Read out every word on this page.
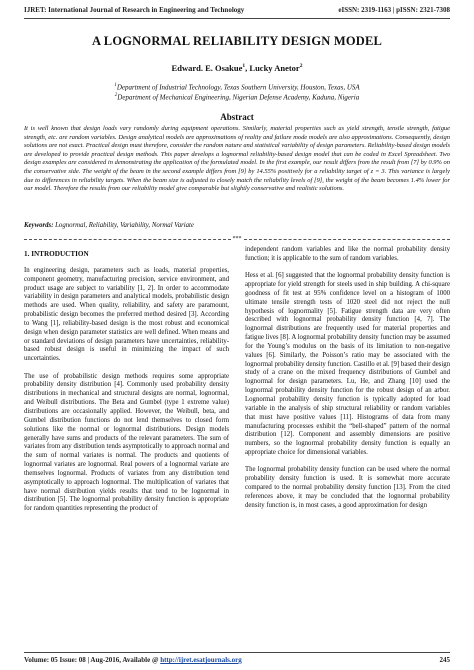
IJRET: International Journal of Research in Engineering and Technology	eISSN: 2319-1163 | pISSN: 2321-7308
A LOGNORMAL RELIABILITY DESIGN MODEL
Edward. E. Osakue$^1$, Lucky Anetor$^2$
$^1$Department of Industrial Technology, Texas Southern University, Houston, Texas, USA
$^2$Department of Mechanical Engineering, Nigerian Defense Academy, Kaduna, Nigeria
Abstract
It is well known that design loads vary randomly during equipment operations. Similarly, material properties such as yield strength, tensile strength, fatigue strength, etc. are random variables. Design analytical models are approximations of reality and failure mode models are also approximations. Consequently, design solutions are not exact. Practical design must therefore, consider the random nature and statistical variability of design parameters. Reliability-based design models are developed to provide practical design methods. This paper develops a lognormal reliability-based design model that can be coded in Excel Spreadsheet. Two design examples are considered in demonstrating the application of the formulated model. In the first example, our result differs from the result from [7] by 0.9% on the conservative side. The weight of the beam in the second example differs from [9] by 14.55% positively for a reliability target of z = 3. This variance is largely due to differences in reliability targets. When the beam size is adjusted to closely match the reliability levels of [9], the weight of the beam becomes 1.4% lower for our model. Therefore the results from our reliability model give comparable but slightly conservative and realistic solutions.
Keywords: Lognormal, Reliability, Variability, Normal Variate
***
1. INTRODUCTION

In engineering design, parameters such as loads, material properties, component geometry, manufacturing precision, service environment, and product usage are subject to variability [1, 2]. In order to accommodate variability in design parameters and analytical models, probabilistic design methods are used. When quality, reliability, and safety are paramount, probabilistic design becomes the preferred method desired [3]. According to Wang [1], reliability-based design is the most robust and economical design when design parameter statistics are well defined. When means and or standard deviations of design parameters have uncertainties, reliability-based robust design is useful in minimizing the impact of such uncertainties.

The use of probabilistic design methods requires some appropriate probability density distribution [4]. Commonly used probability density distributions in mechanical and structural designs are normal, lognormal, and Weibull distributions. The Beta and Gumbel (type 1 extreme value) distributions are occasionally applied. However, the Weibull, beta, and Gumbel distribution functions do not lend themselves to closed form solutions like the normal or lognormal distributions. Design models generally have sums and products of the relevant parameters. The sum of variates from any distribution tends asymptotically to approach normal and the sum of normal variates is normal. The products and quotients of lognormal variates are lognormal. Real powers of a lognormal variate are themselves lognormal. Products of variates from any distribution tend asymptotically to approach lognormal. The multiplication of variates that have normal distribution yields results that tend to be lognormal in distribution [5]. The lognormal probability density function is appropriate for random quantities representing the product of

independent random variables and like the normal probability density function; it is applicable to the sum of random variables.

Hess et al. [6] suggested that the lognormal probability density function is appropriate for yield strength for steels used in ship building. A chi-square goodness of fit test at 95% confidence level on a histogram of 1000 ultimate tensile strength tests of 1020 steel did not reject the null hypothesis of lognormality [5]. Fatigue strength data are very often described with lognormal probability density function [4, 7]. The lognormal distributions are frequently used for material properties and fatigue lives [8]. A lognormal probability density function may be assumed for the Young’s modulus on the basis of its limitation to non-negative values [6]. Similarly, the Poisson’s ratio may be associated with the lognormal probability density function. Castillo et al. [9] based their design study of a crane on the mixed frequency distributions of Gumbel and lognormal for design parameters. Lu, He, and Zhang [10] used the lognormal probability density function for the robust design of an arbor. Lognormal probability density function is typically adopted for load variable in the analysis of ship structural reliability or random variables that must have positive values [11]. Histograms of data from many manufacturing processes exhibit the “bell-shaped” pattern of the normal distribution [12]. Component and assembly dimensions are positive numbers, so the lognormal probability density function is equally an appropriate choice for dimensional variables.

The lognormal probability density function can be used where the normal probability density function is used. It is somewhat more accurate compared to the normal probability density function [13]. From the cited references above, it may be concluded that the lognormal probability density function is, in most cases, a good approximation for design

Volume: 05 Issue: 08 | Aug-2016, Available @ http://ijret.esatjournals.org	245
